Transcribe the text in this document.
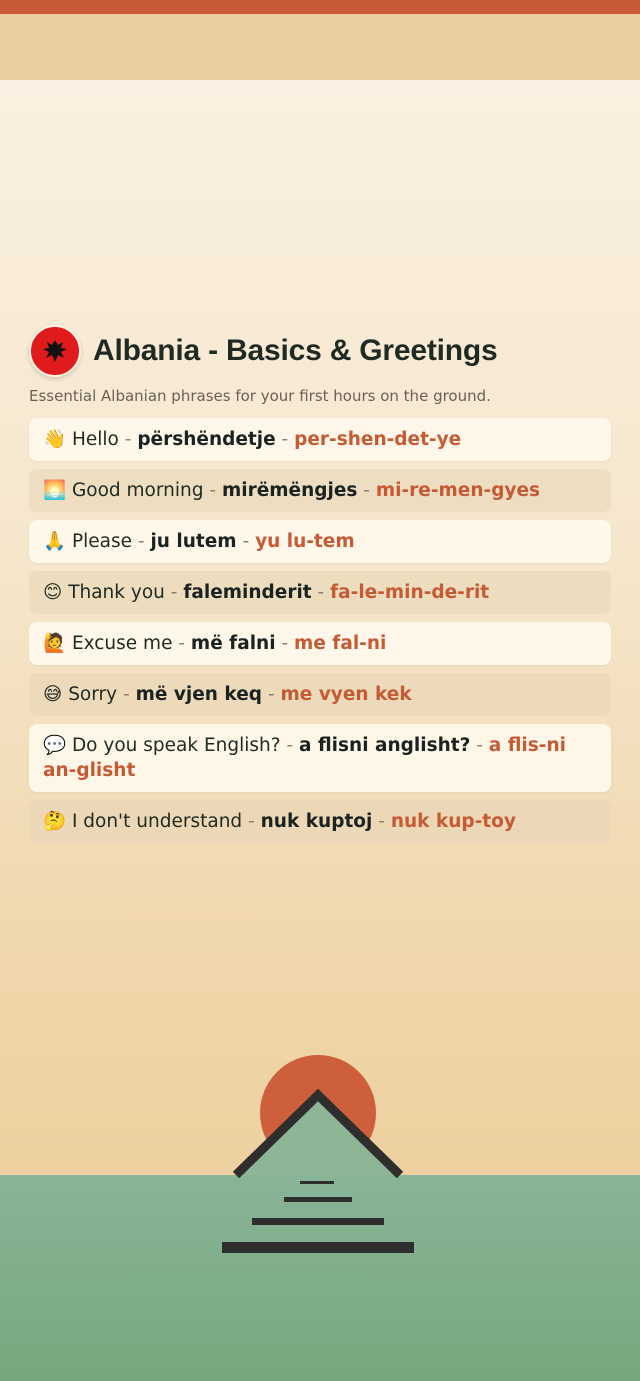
Albania - Basics & Greetings

Essential Albanian phrases for your first hours on the ground.

👋 Hello - përshëndetje - per-shen-det-ye
🌅 Good morning - mirëmëngjes - mi-re-men-gyes
🙏 Please - ju lutem - yu lu-tem
😊 Thank you - faleminderit - fa-le-min-de-rit
🙋 Excuse me - më falni - me fal-ni
😅 Sorry - më vjen keq - me vyen kek
💬 Do you speak English? - a flisni anglisht? - a flis-ni an-glisht
🤔 I don't understand - nuk kuptoj - nuk kup-toy
